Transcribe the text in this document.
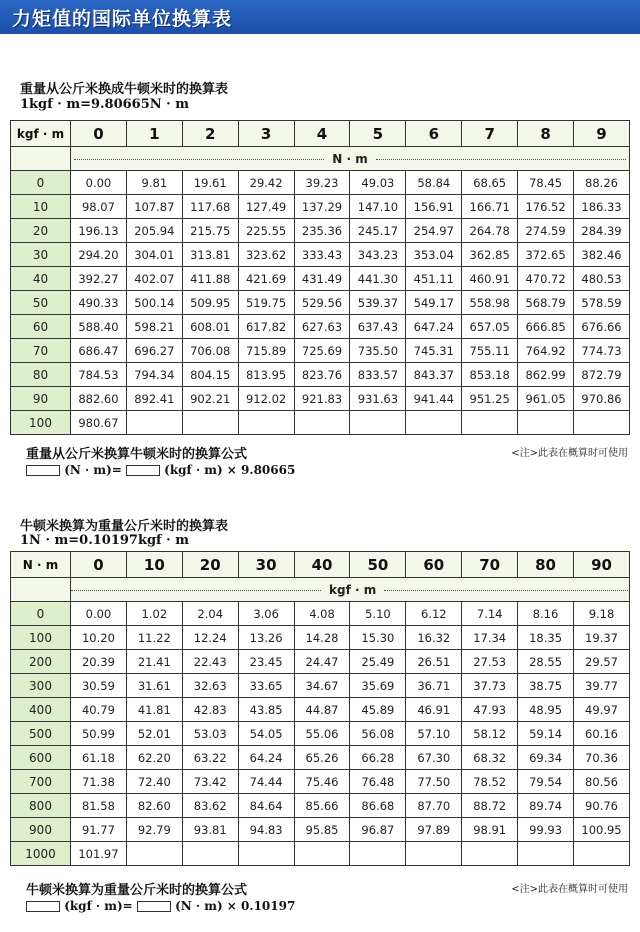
力矩值的国际单位换算表
重量从公斤米换成牛顿米时的换算表
1kgf · m=9.80665N · m
kgf · m	0	1	2	3	4	5	6	7	8	9
	N · m									
0	0.00	9.81	19.61	29.42	39.23	49.03	58.84	68.65	78.45	88.26
10	98.07	107.87	117.68	127.49	137.29	147.10	156.91	166.71	176.52	186.33
20	196.13	205.94	215.75	225.55	235.36	245.17	254.97	264.78	274.59	284.39
30	294.20	304.01	313.81	323.62	333.43	343.23	353.04	362.85	372.65	382.46
40	392.27	402.07	411.88	421.69	431.49	441.30	451.11	460.91	470.72	480.53
50	490.33	500.14	509.95	519.75	529.56	539.37	549.17	558.98	568.79	578.59
60	588.40	598.21	608.01	617.82	627.63	637.43	647.24	657.05	666.85	676.66
70	686.47	696.27	706.08	715.89	725.69	735.50	745.31	755.11	764.92	774.73
80	784.53	794.34	804.15	813.95	823.76	833.57	843.37	853.18	862.99	872.79
90	882.60	892.41	902.21	912.02	921.83	931.63	941.44	951.25	961.05	970.86
100	980.67									
重量从公斤米换算牛顿米时的换算公式	<注>此表在概算时可使用
(N · m)=	(kgf · m) × 9.80665
牛顿米换算为重量公斤米时的换算表
1N · m=0.10197kgf · m
N · m	0	10	20	30	40	50	60	70	80	90
	kgf · m									
0	0.00	1.02	2.04	3.06	4.08	5.10	6.12	7.14	8.16	9.18
100	10.20	11.22	12.24	13.26	14.28	15.30	16.32	17.34	18.35	19.37
200	20.39	21.41	22.43	23.45	24.47	25.49	26.51	27.53	28.55	29.57
300	30.59	31.61	32.63	33.65	34.67	35.69	36.71	37.73	38.75	39.77
400	40.79	41.81	42.83	43.85	44.87	45.89	46.91	47.93	48.95	49.97
500	50.99	52.01	53.03	54.05	55.06	56.08	57.10	58.12	59.14	60.16
600	61.18	62.20	63.22	64.24	65.26	66.28	67.30	68.32	69.34	70.36
700	71.38	72.40	73.42	74.44	75.46	76.48	77.50	78.52	79.54	80.56
800	81.58	82.60	83.62	84.64	85.66	86.68	87.70	88.72	89.74	90.76
900	91.77	92.79	93.81	94.83	95.85	96.87	97.89	98.91	99.93	100.95
1000	101.97									
牛顿米换算为重量公斤米时的换算公式	<注>此表在概算时可使用
(kgf · m)=	(N · m) × 0.10197
